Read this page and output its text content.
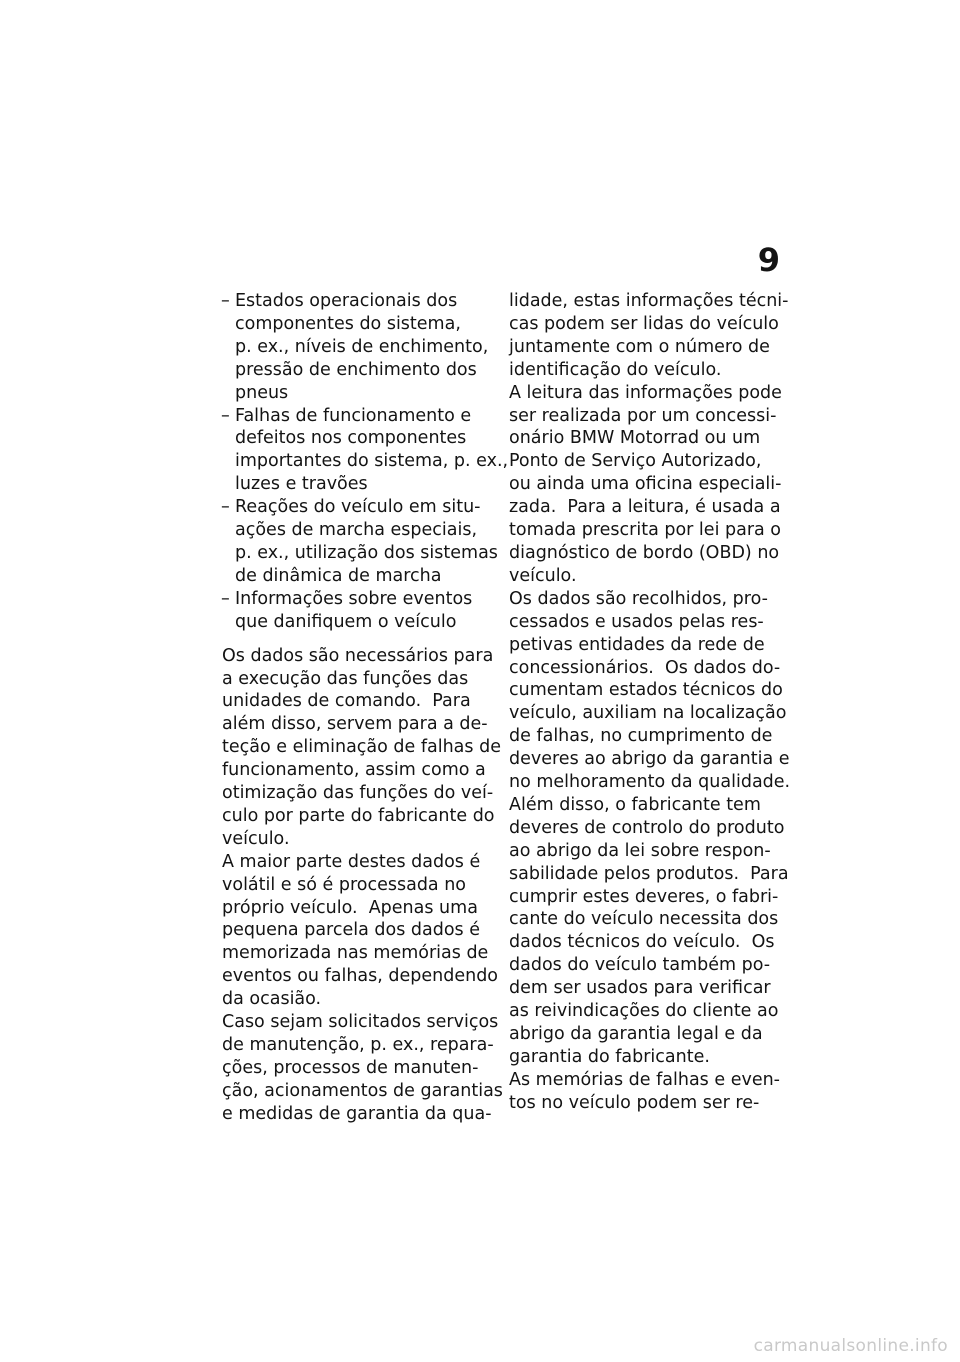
9
– Estados operacionais dos
componentes do sistema,
p. ex., níveis de enchimento,
pressão de enchimento dos
pneus
– Falhas de funcionamento e
defeitos nos componentes
importantes do sistema, p. ex.,
luzes e travões
– Reações do veículo em situ-
ações de marcha especiais,
p. ex., utilização dos sistemas
de dinâmica de marcha
– Informações sobre eventos
que danifiquem o veículo
Os dados são necessários para
a execução das funções das
unidades de comando.  Para
além disso, servem para a de-
teção e eliminação de falhas de
funcionamento, assim como a
otimização das funções do veí-
culo por parte do fabricante do
veículo.
A maior parte destes dados é
volátil e só é processada no
próprio veículo.  Apenas uma
pequena parcela dos dados é
memorizada nas memórias de
eventos ou falhas, dependendo
da ocasião.
Caso sejam solicitados serviços
de manutenção, p. ex., repara-
ções, processos de manuten-
ção, acionamentos de garantias
e medidas de garantia da qua-
lidade, estas informações técni-
cas podem ser lidas do veículo
juntamente com o número de
identificação do veículo.
A leitura das informações pode
ser realizada por um concessi-
onário BMW Motorrad ou um
Ponto de Serviço Autorizado,
ou ainda uma oficina especiali-
zada.  Para a leitura, é usada a
tomada prescrita por lei para o
diagnóstico de bordo (OBD) no
veículo.
Os dados são recolhidos, pro-
cessados e usados pelas res-
petivas entidades da rede de
concessionários.  Os dados do-
cumentam estados técnicos do
veículo, auxiliam na localização
de falhas, no cumprimento de
deveres ao abrigo da garantia e
no melhoramento da qualidade.
Além disso, o fabricante tem
deveres de controlo do produto
ao abrigo da lei sobre respon-
sabilidade pelos produtos.  Para
cumprir estes deveres, o fabri-
cante do veículo necessita dos
dados técnicos do veículo.  Os
dados do veículo também po-
dem ser usados para verificar
as reivindicações do cliente ao
abrigo da garantia legal e da
garantia do fabricante.
As memórias de falhas e even-
tos no veículo podem ser re-
carmanualsonline.info
